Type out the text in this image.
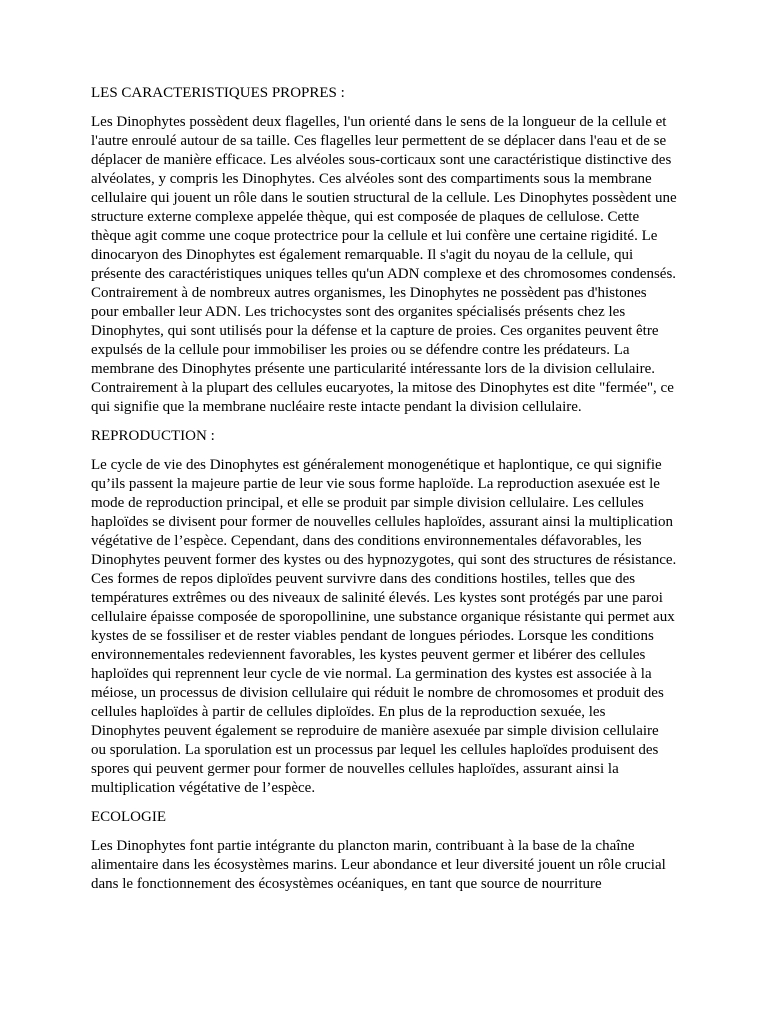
LES CARACTERISTIQUES PROPRES :

Les Dinophytes possèdent deux flagelles, l'un orienté dans le sens de la longueur de la cellule et l'autre enroulé autour de sa taille. Ces flagelles leur permettent de se déplacer dans l'eau et de se déplacer de manière efficace. Les alvéoles sous-corticaux sont une caractéristique distinctive des alvéolates, y compris les Dinophytes. Ces alvéoles sont des compartiments sous la membrane cellulaire qui jouent un rôle dans le soutien structural de la cellule. Les Dinophytes possèdent une structure externe complexe appelée thèque, qui est composée de plaques de cellulose. Cette thèque agit comme une coque protectrice pour la cellule et lui confère une certaine rigidité. Le dinocaryon des Dinophytes est également remarquable. Il s'agit du noyau de la cellule, qui présente des caractéristiques uniques telles qu'un ADN complexe et des chromosomes condensés. Contrairement à de nombreux autres organismes, les Dinophytes ne possèdent pas d'histones pour emballer leur ADN. Les trichocystes sont des organites spécialisés présents chez les Dinophytes, qui sont utilisés pour la défense et la capture de proies. Ces organites peuvent être expulsés de la cellule pour immobiliser les proies ou se défendre contre les prédateurs. La membrane des Dinophytes présente une particularité intéressante lors de la division cellulaire. Contrairement à la plupart des cellules eucaryotes, la mitose des Dinophytes est dite "fermée", ce qui signifie que la membrane nucléaire reste intacte pendant la division cellulaire.

REPRODUCTION :

Le cycle de vie des Dinophytes est généralement monogenétique et haplontique, ce qui signifie qu’ils passent la majeure partie de leur vie sous forme haploïde. La reproduction asexuée est le mode de reproduction principal, et elle se produit par simple division cellulaire. Les cellules haploïdes se divisent pour former de nouvelles cellules haploïdes, assurant ainsi la multiplication végétative de l’espèce. Cependant, dans des conditions environnementales défavorables, les Dinophytes peuvent former des kystes ou des hypnozygotes, qui sont des structures de résistance. Ces formes de repos diploïdes peuvent survivre dans des conditions hostiles, telles que des températures extrêmes ou des niveaux de salinité élevés. Les kystes sont protégés par une paroi cellulaire épaisse composée de sporopollinine, une substance organique résistante qui permet aux kystes de se fossiliser et de rester viables pendant de longues périodes. Lorsque les conditions environnementales redeviennent favorables, les kystes peuvent germer et libérer des cellules haploïdes qui reprennent leur cycle de vie normal. La germination des kystes est associée à la méiose, un processus de division cellulaire qui réduit le nombre de chromosomes et produit des cellules haploïdes à partir de cellules diploïdes. En plus de la reproduction sexuée, les Dinophytes peuvent également se reproduire de manière asexuée par simple division cellulaire ou sporulation. La sporulation est un processus par lequel les cellules haploïdes produisent des spores qui peuvent germer pour former de nouvelles cellules haploïdes, assurant ainsi la multiplication végétative de l’espèce.

ECOLOGIE

Les Dinophytes font partie intégrante du plancton marin, contribuant à la base de la chaîne alimentaire dans les écosystèmes marins. Leur abondance et leur diversité jouent un rôle crucial dans le fonctionnement des écosystèmes océaniques, en tant que source de nourriture
